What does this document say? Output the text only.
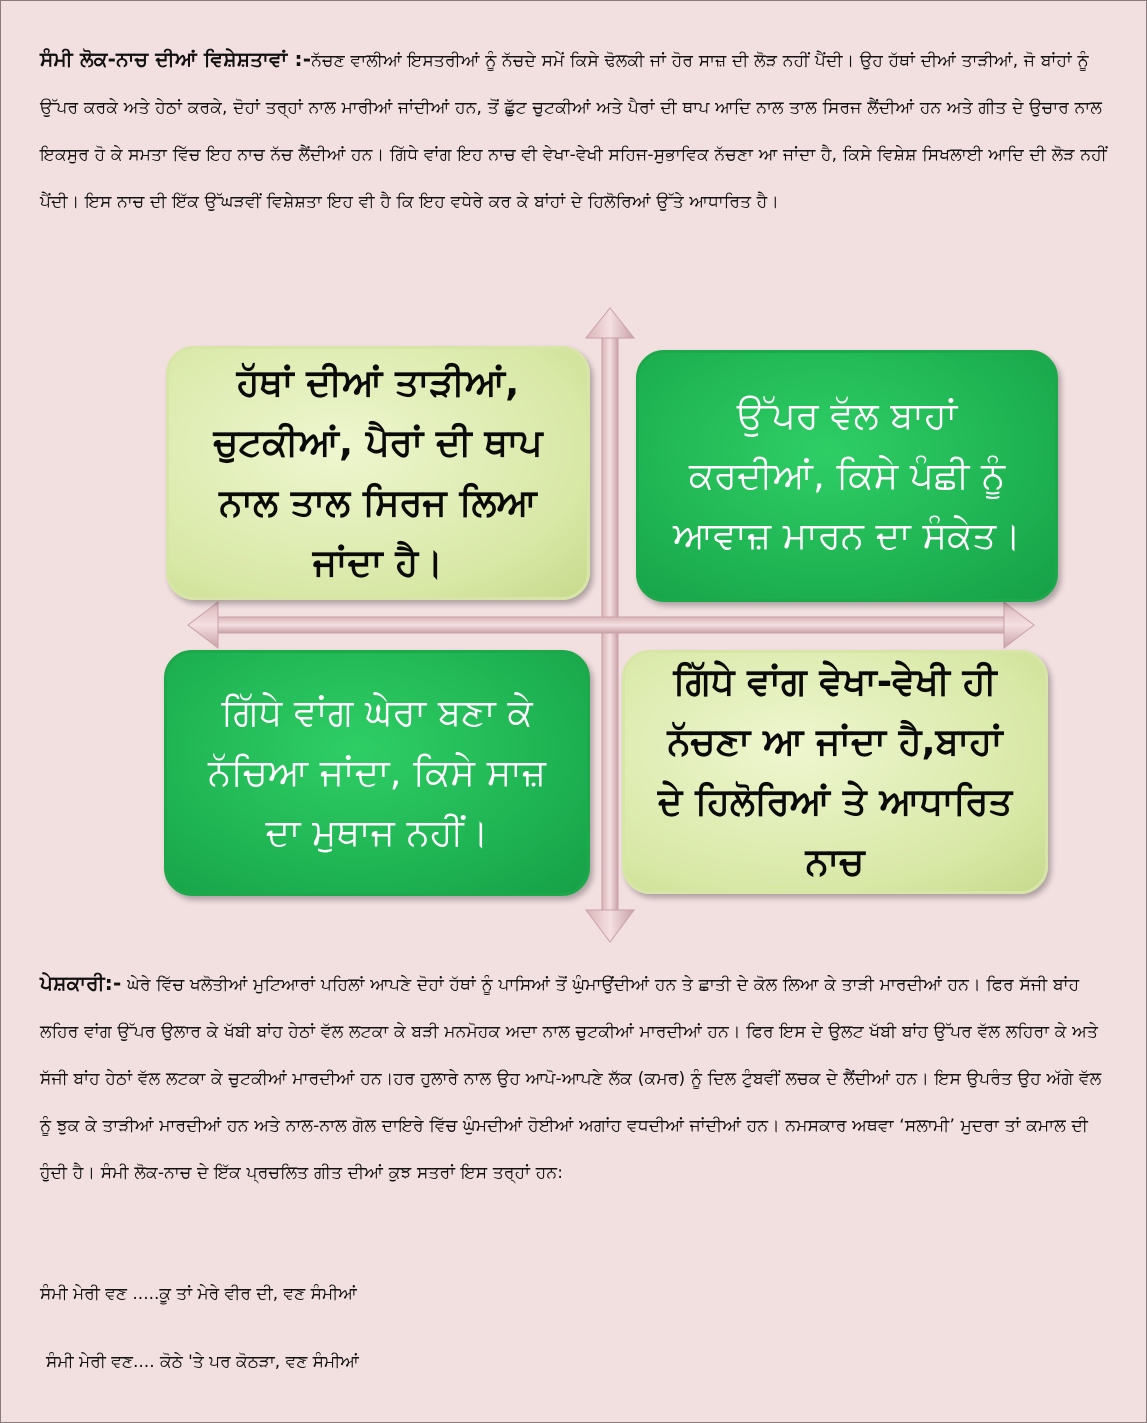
ਸੰਮੀ ਲੋਕ-ਨਾਚ ਦੀਆਂ ਵਿਸ਼ੇਸ਼ਤਾਵਾਂ :-ਨੱਚਣ ਵਾਲੀਆਂ ਇਸਤਰੀਆਂ ਨੂੰ ਨੱਚਦੇ ਸਮੇਂ ਕਿਸੇ ਢੋਲਕੀ ਜਾਂ ਹੋਰ ਸਾਜ਼ ਦੀ ਲੋੜ ਨਹੀਂ ਪੈਂਦੀ। ਉਹ ਹੱਥਾਂ ਦੀਆਂ ਤਾੜੀਆਂ, ਜੋ ਬਾਂਹਾਂ ਨੂੰ ਉੱਪਰ ਕਰਕੇ ਅਤੇ ਹੇਠਾਂ ਕਰਕੇ, ਦੋਹਾਂ ਤਰ੍ਹਾਂ ਨਾਲ ਮਾਰੀਆਂ ਜਾਂਦੀਆਂ ਹਨ, ਤੋਂ ਛੁੱਟ ਚੁਟਕੀਆਂ ਅਤੇ ਪੈਰਾਂ ਦੀ ਥਾਪ ਆਦਿ ਨਾਲ ਤਾਲ ਸਿਰਜ ਲੈਂਦੀਆਂ ਹਨ ਅਤੇ ਗੀਤ ਦੇ ਉਚਾਰ ਨਾਲ ਇਕਸੁਰ ਹੋ ਕੇ ਸਮਤਾ ਵਿੱਚ ਇਹ ਨਾਚ ਨੱਚ ਲੈਂਦੀਆਂ ਹਨ। ਗਿੱਧੇ ਵਾਂਗ ਇਹ ਨਾਚ ਵੀ ਵੇਖਾ-ਵੇਖੀ ਸਹਿਜ-ਸੁਭਾਵਿਕ ਨੱਚਣਾ ਆ ਜਾਂਦਾ ਹੈ, ਕਿਸੇ ਵਿਸ਼ੇਸ਼ ਸਿਖਲਾਈ ਆਦਿ ਦੀ ਲੋੜ ਨਹੀਂ ਪੈਂਦੀ। ਇਸ ਨਾਚ ਦੀ ਇੱਕ ਉੱਘੜਵੀਂ ਵਿਸ਼ੇਸ਼ਤਾ ਇਹ ਵੀ ਹੈ ਕਿ ਇਹ ਵਧੇਰੇ ਕਰ ਕੇ ਬਾਂਹਾਂ ਦੇ ਹਿਲੋਰਿਆਂ ਉੱਤੇ ਆਧਾਰਿਤ ਹੈ।
ਹੱਥਾਂ ਦੀਆਂ ਤਾੜੀਆਂ,
ਚੁਟਕੀਆਂ, ਪੈਰਾਂ ਦੀ ਥਾਪ
ਨਾਲ ਤਾਲ ਸਿਰਜ ਲਿਆ
ਜਾਂਦਾ ਹੈ।
ਉੱਪਰ ਵੱਲ ਬਾਹਾਂ
ਕਰਦੀਆਂ, ਕਿਸੇ ਪੰਛੀ ਨੂੰ
ਆਵਾਜ਼ ਮਾਰਨ ਦਾ ਸੰਕੇਤ।
ਗਿੱਧੇ ਵਾਂਗ ਘੇਰਾ ਬਣਾ ਕੇ
ਨੱਚਿਆ ਜਾਂਦਾ, ਕਿਸੇ ਸਾਜ਼
ਦਾ ਮੁਥਾਜ ਨਹੀਂ।
ਗਿੱਧੇ ਵਾਂਗ ਵੇਖਾ-ਵੇਖੀ ਹੀ
ਨੱਚਣਾ ਆ ਜਾਂਦਾ ਹੈ,ਬਾਹਾਂ
ਦੇ ਹਿਲੋਰਿਆਂ ਤੇ ਆਧਾਰਿਤ
ਨਾਚ
ਪੇਸ਼ਕਾਰੀ:- ਘੇਰੇ ਵਿੱਚ ਖਲੋਤੀਆਂ ਮੁਟਿਆਰਾਂ ਪਹਿਲਾਂ ਆਪਣੇ ਦੋਹਾਂ ਹੱਥਾਂ ਨੂੰ ਪਾਸਿਆਂ ਤੋਂ ਘੁੰਮਾਉਂਦੀਆਂ ਹਨ ਤੇ ਛਾਤੀ ਦੇ ਕੋਲ ਲਿਆ ਕੇ ਤਾੜੀ ਮਾਰਦੀਆਂ ਹਨ। ਫਿਰ ਸੱਜੀ ਬਾਂਹ ਲਹਿਰ ਵਾਂਗ ਉੱਪਰ ਉਲਾਰ ਕੇ ਖੱਬੀ ਬਾਂਹ ਹੇਠਾਂ ਵੱਲ ਲਟਕਾ ਕੇ ਬੜੀ ਮਨਮੋਹਕ ਅਦਾ ਨਾਲ ਚੁਟਕੀਆਂ ਮਾਰਦੀਆਂ ਹਨ। ਫਿਰ ਇਸ ਦੇ ਉਲਟ ਖੱਬੀ ਬਾਂਹ ਉੱਪਰ ਵੱਲ ਲਹਿਰਾ ਕੇ ਅਤੇ ਸੱਜੀ ਬਾਂਹ ਹੇਠਾਂ ਵੱਲ ਲਟਕਾ ਕੇ ਚੁਟਕੀਆਂ ਮਾਰਦੀਆਂ ਹਨ।ਹਰ ਹੁਲਾਰੇ ਨਾਲ ਉਹ ਆਪੋ-ਆਪਣੇ ਲੱਕ (ਕਮਰ) ਨੂੰ ਦਿਲ ਟੁੰਬਵੀਂ ਲਚਕ ਦੇ ਲੈਂਦੀਆਂ ਹਨ। ਇਸ ਉਪਰੰਤ ਉਹ ਅੱਗੇ ਵੱਲ ਨੂੰ ਝੁਕ ਕੇ ਤਾੜੀਆਂ ਮਾਰਦੀਆਂ ਹਨ ਅਤੇ ਨਾਲ-ਨਾਲ ਗੋਲ ਦਾਇਰੇ ਵਿੱਚ ਘੁੰਮਦੀਆਂ ਹੋਈਆਂ ਅਗਾਂਹ ਵਧਦੀਆਂ ਜਾਂਦੀਆਂ ਹਨ। ਨਮਸਕਾਰ ਅਥਵਾ ‘ਸਲਾਮੀ’ ਮੁਦਰਾ ਤਾਂ ਕਮਾਲ ਦੀ ਹੁੰਦੀ ਹੈ। ਸੰਮੀ ਲੋਕ-ਨਾਚ ਦੇ ਇੱਕ ਪ੍ਰਚਲਿਤ ਗੀਤ ਦੀਆਂ ਕੁਝ ਸਤਰਾਂ ਇਸ ਤਰ੍ਹਾਂ ਹਨ:
ਸੰਮੀ ਮੇਰੀ ਵਣ .....ਕੂ ਤਾਂ ਮੇਰੇ ਵੀਰ ਦੀ, ਵਣ ਸੰਮੀਆਂ
ਸੰਮੀ ਮੇਰੀ ਵਣ.... ਕੋਠੇ 'ਤੇ ਪਰ ਕੋਠੜਾ, ਵਣ ਸੰਮੀਆਂ
